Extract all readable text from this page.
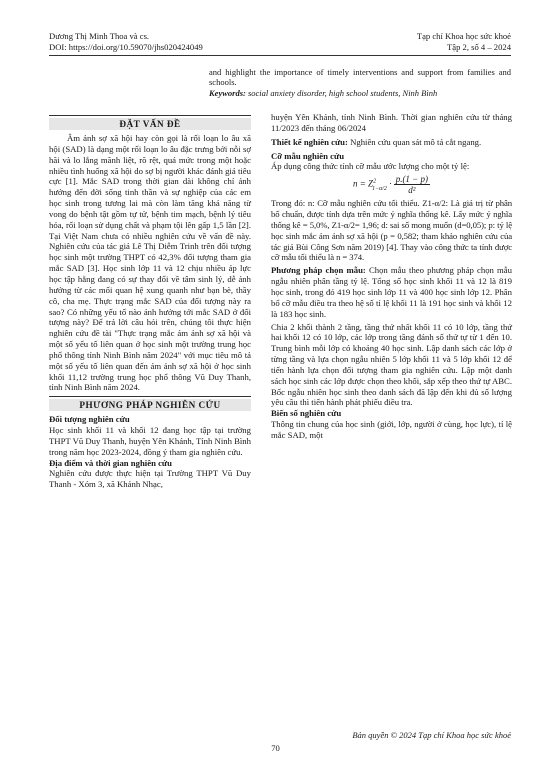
Dương Thị Minh Thoa và cs.
DOI: https://doi.org/10.59070/jhs020424049
Tạp chí Khoa học sức khoẻ
Tập 2, số 4 – 2024

and highlight the importance of timely interventions and support from families and schools.

Keywords: social anxiety disorder, high school students, Ninh Bình

ĐẶT VẤN ĐỀ

Âm ảnh sợ xã hội hay còn gọi là rối loạn lo âu xã hội (SAD) là dạng một rối loạn lo âu đặc trưng bởi nỗi sợ hãi và lo lắng mãnh liệt, rõ rệt, quá mức trong một hoặc nhiều tình huống xã hội do sợ bị người khác đánh giá tiêu cực [1]. Mắc SAD trong thời gian dài không chỉ ảnh hưởng đến đời sống tinh thần và sự nghiệp của các em học sinh trong tương lai mà còn làm tăng khả năng từ vong do bệnh tật gồm tự tử, bệnh tim mạch, bệnh lý tiêu hóa, rối loạn sử dụng chất và phạm tội lên gấp 1,5 lần [2]. Tại Việt Nam chưa có nhiều nghiên cứu về vấn đề này. Nghiên cứu của tác giả Lê Thị Diễm Trinh trên đối tượng học sinh một trường THPT có 42,3% đối tượng tham gia mắc SAD [3]. Học sinh lớp 11 và 12 chịu nhiều áp lực học tập hằng đang có sự thay đổi về tâm sinh lý, dễ ảnh hưởng từ các mối quan hệ xung quanh như bạn bè, thầy cô, cha mẹ. Thực trạng mắc SAD của đối tượng này ra sao? Có những yếu tố nào ảnh hưởng tới mắc SAD ở đối tượng này? Để trả lời câu hỏi trên, chúng tôi thực hiện nghiên cứu đề tài "Thực trạng mắc ám ảnh sợ xã hội và một số yếu tố liên quan ở học sinh một trường trung học phổ thông tỉnh Ninh Bình năm 2024" với mục tiêu mô tả một số yếu tố liên quan đến ám ảnh sợ xã hội ở học sinh khối 11,12 trường trung học phổ thông Vũ Duy Thanh, tỉnh Ninh Bình năm 2024.

PHƯƠNG PHÁP NGHIÊN CỨU

Đối tượng nghiên cứu

Học sinh khối 11 và khối 12 đang học tập tại trường THPT Vũ Duy Thanh, huyện Yên Khánh, Tỉnh Ninh Bình trong năm học 2023-2024, đồng ý tham gia nghiên cứu.

Địa điểm và thời gian nghiên cứu

Nghiên cứu được thực hiện tại Trường THPT Vũ Duy Thanh - Xóm 3, xã Khánh Nhạc,

huyện Yên Khánh, tỉnh Ninh Bình. Thời gian nghiên cứu từ tháng 11/2023 đến tháng 06/2024

Thiết kế nghiên cứu: Nghiên cứu quan sát mô tả cắt ngang.

Cỡ mẫu nghiên cứu

Áp dụng công thức tính cỡ mẫu ước lượng cho một tỷ lệ:

$n = Z^2_{1-\alpha/2} \cdot \frac{p.(1 - p)}{\text{d²}}$

Trong đó: n: Cỡ mẫu nghiên cứu tối thiểu. Z1-α/2: Là giá trị từ phân bố chuẩn, được tính dựa trên mức ý nghĩa thống kê. Lấy mức ý nghĩa thống kê = 5,0%, Z1-α/2= 1,96; d: sai số mong muốn (d=0,05); p: tỷ lệ học sinh mắc ám ảnh sợ xã hội (p = 0,582; tham khảo nghiên cứu của tác giả Bùi Công Sơn năm 2019) [4]. Thay vào công thức ta tính được cỡ mẫu tối thiểu là n = 374.

Phương pháp chọn mẫu: Chọn mẫu theo phương pháp chọn mẫu ngẫu nhiên phân tầng tỷ lệ. Tổng số học sinh khối 11 và 12 là 819 học sinh, trong đó 419 học sinh lớp 11 và 400 học sinh lớp 12. Phân bổ cỡ mẫu điều tra theo hệ số tỉ lệ khối 11 là 191 học sinh và khối 12 là 183 học sinh.

Chia 2 khối thành 2 tầng, tầng thứ nhất khối 11 có 10 lớp, tầng thứ hai khối 12 có 10 lớp, các lớp trong tầng đánh số thứ tự từ 1 đến 10. Trung bình mỗi lớp có khoảng 40 học sinh. Lập danh sách các lớp ở từng tầng và lựa chọn ngẫu nhiên 5 lớp khối 11 và 5 lớp khối 12 để tiến hành lựa chọn đối tượng tham gia nghiên cứu. Lập một danh sách học sinh các lớp được chọn theo khối, sắp xếp theo thứ tự ABC. Bốc ngẫu nhiên học sinh theo danh sách đã lập đến khi đủ số lượng yêu cầu thì tiến hành phát phiếu điều tra.

Biến số nghiên cứu

Thông tin chung của học sinh (giới, lớp, người ở cùng, học lực), tỉ lệ mắc SAD, một

Bản quyền © 2024 Tạp chí Khoa học sức khoẻ
70
